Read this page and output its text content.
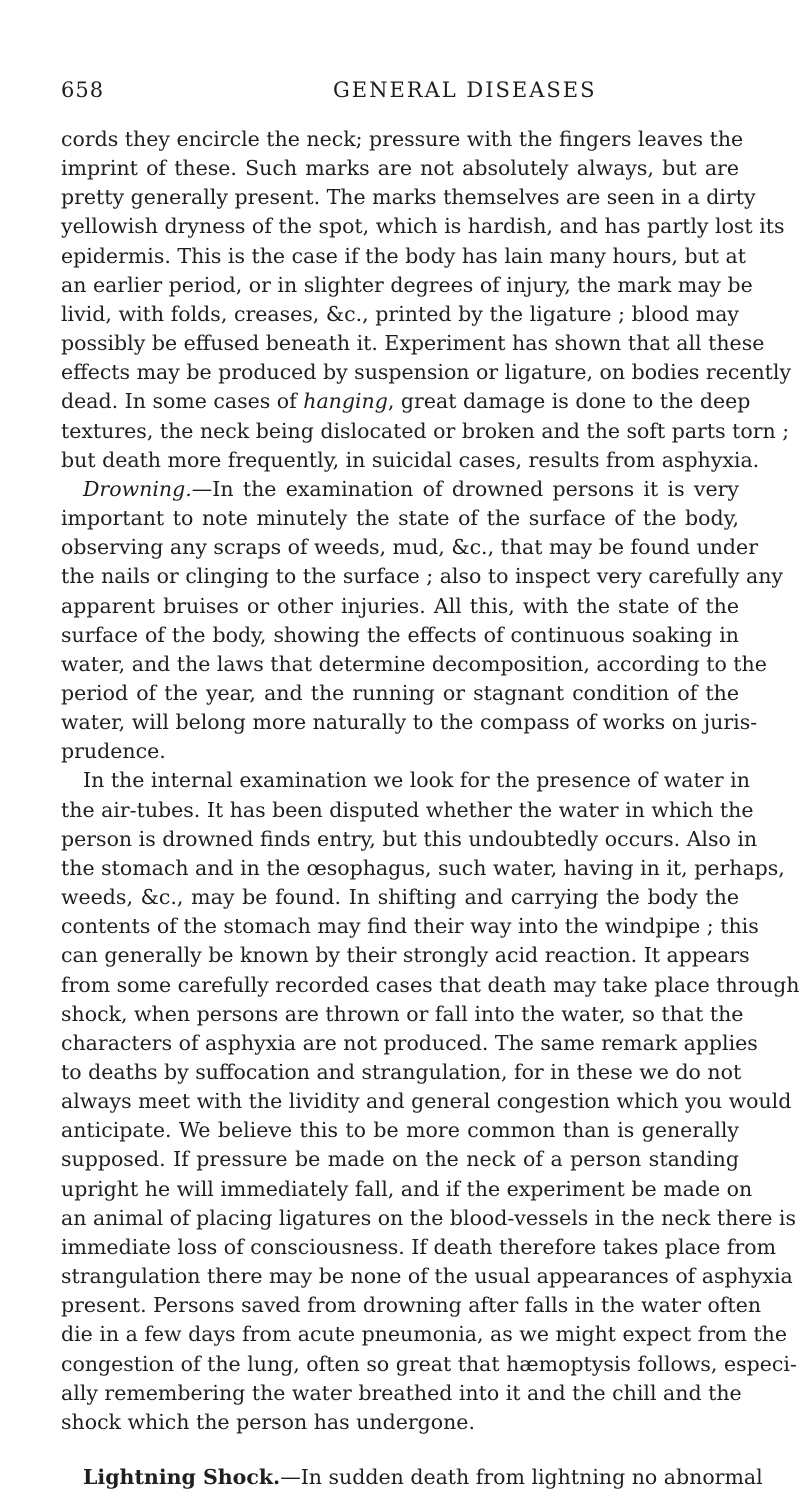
658	GENERAL DISEASES
cords they encircle the neck; pressure with the fingers leaves the
imprint of these. Such marks are not absolutely always, but are
pretty generally present. The marks themselves are seen in a dirty
yellowish dryness of the spot, which is hardish, and has partly lost its
epidermis. This is the case if the body has lain many hours, but at
an earlier period, or in slighter degrees of injury, the mark may be
livid, with folds, creases, &c., printed by the ligature ; blood may
possibly be effused beneath it. Experiment has shown that all these
effects may be produced by suspension or ligature, on bodies recently
dead. In some cases of hanging, great damage is done to the deep
textures, the neck being dislocated or broken and the soft parts torn ;
but death more frequently, in suicidal cases, results from asphyxia.
Drowning.—In the examination of drowned persons it is very
important to note minutely the state of the surface of the body,
observing any scraps of weeds, mud, &c., that may be found under
the nails or clinging to the surface ; also to inspect very carefully any
apparent bruises or other injuries. All this, with the state of the
surface of the body, showing the effects of continuous soaking in
water, and the laws that determine decomposition, according to the
period of the year, and the running or stagnant condition of the
water, will belong more naturally to the compass of works on juris-
prudence.
In the internal examination we look for the presence of water in
the air-tubes. It has been disputed whether the water in which the
person is drowned finds entry, but this undoubtedly occurs. Also in
the stomach and in the œsophagus, such water, having in it, perhaps,
weeds, &c., may be found. In shifting and carrying the body the
contents of the stomach may find their way into the windpipe ; this
can generally be known by their strongly acid reaction. It appears
from some carefully recorded cases that death may take place through
shock, when persons are thrown or fall into the water, so that the
characters of asphyxia are not produced. The same remark applies
to deaths by suffocation and strangulation, for in these we do not
always meet with the lividity and general congestion which you would
anticipate. We believe this to be more common than is generally
supposed. If pressure be made on the neck of a person standing
upright he will immediately fall, and if the experiment be made on
an animal of placing ligatures on the blood-vessels in the neck there is
immediate loss of consciousness. If death therefore takes place from
strangulation there may be none of the usual appearances of asphyxia
present. Persons saved from drowning after falls in the water often
die in a few days from acute pneumonia, as we might expect from the
congestion of the lung, often so great that hæmoptysis follows, especi-
ally remembering the water breathed into it and the chill and the
shock which the person has undergone.
Lightning Shock.—In sudden death from lightning no abnormal
